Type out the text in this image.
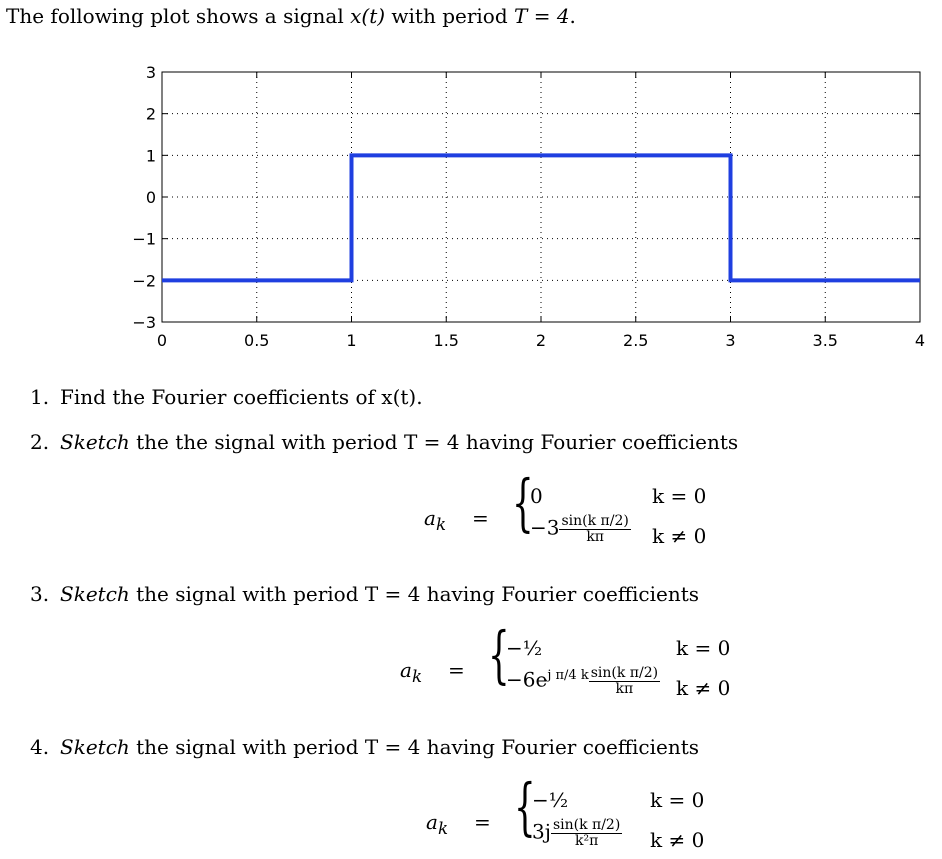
The following plot shows a signal x(t) with period T = 4.
0	0.5	1	1.5	2	2.5	3	3.5	4
3
2
1
0
−1
−2
−3
1. Find the Fourier coefficients of x(t).
2. Sketch the the signal with period T = 4 having Fourier coefficients
$a_k$ = {
0	k = 0
$-3 \frac{\text{sin(k π/2)}}{k\pi}$ k ≠ 0
3. Sketch the signal with period T = 4 having Fourier coefficients
$a_k$ = {
−½	k = 0
$-6e^{j \pi/4 k} \frac{\text{sin(k π/2)}}{k\pi}$ k ≠ 0
4. Sketch the signal with period T = 4 having Fourier coefficients
$a_k$ = {
−½	k = 0
$3j \frac{\text{sin(k π/2)}}{\text{k²π}}$ k ≠ 0
